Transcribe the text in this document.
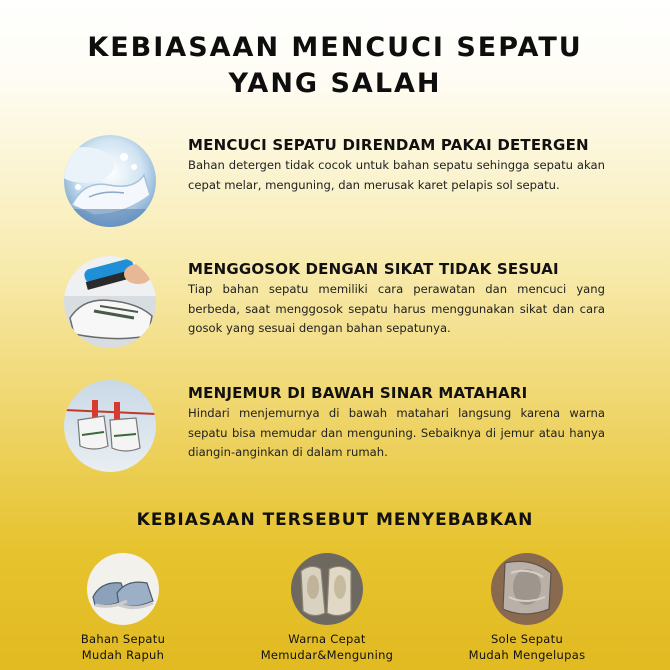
KEBIASAAN MENCUCI SEPATU
YANG SALAH
MENCUCI SEPATU DIRENDAM PAKAI DETERGEN
Bahan detergen tidak cocok untuk bahan sepatu sehingga sepatu akan cepat melar, menguning, dan merusak karet pelapis sol sepatu.
MENGGOSOK DENGAN SIKAT TIDAK SESUAI
Tiap bahan sepatu memiliki cara perawatan dan mencuci yang berbeda, saat menggosok sepatu harus menggunakan sikat dan cara gosok yang sesuai dengan bahan sepatunya.
MENJEMUR DI BAWAH SINAR MATAHARI
Hindari menjemurnya di bawah matahari langsung karena warna sepatu bisa memudar dan menguning. Sebaiknya di jemur atau hanya diangin-anginkan di dalam rumah.
KEBIASAAN TERSEBUT MENYEBABKAN
Bahan Sepatu
Mudah Rapuh
Warna Cepat
Memudar&Menguning
Sole Sepatu
Mudah Mengelupas
